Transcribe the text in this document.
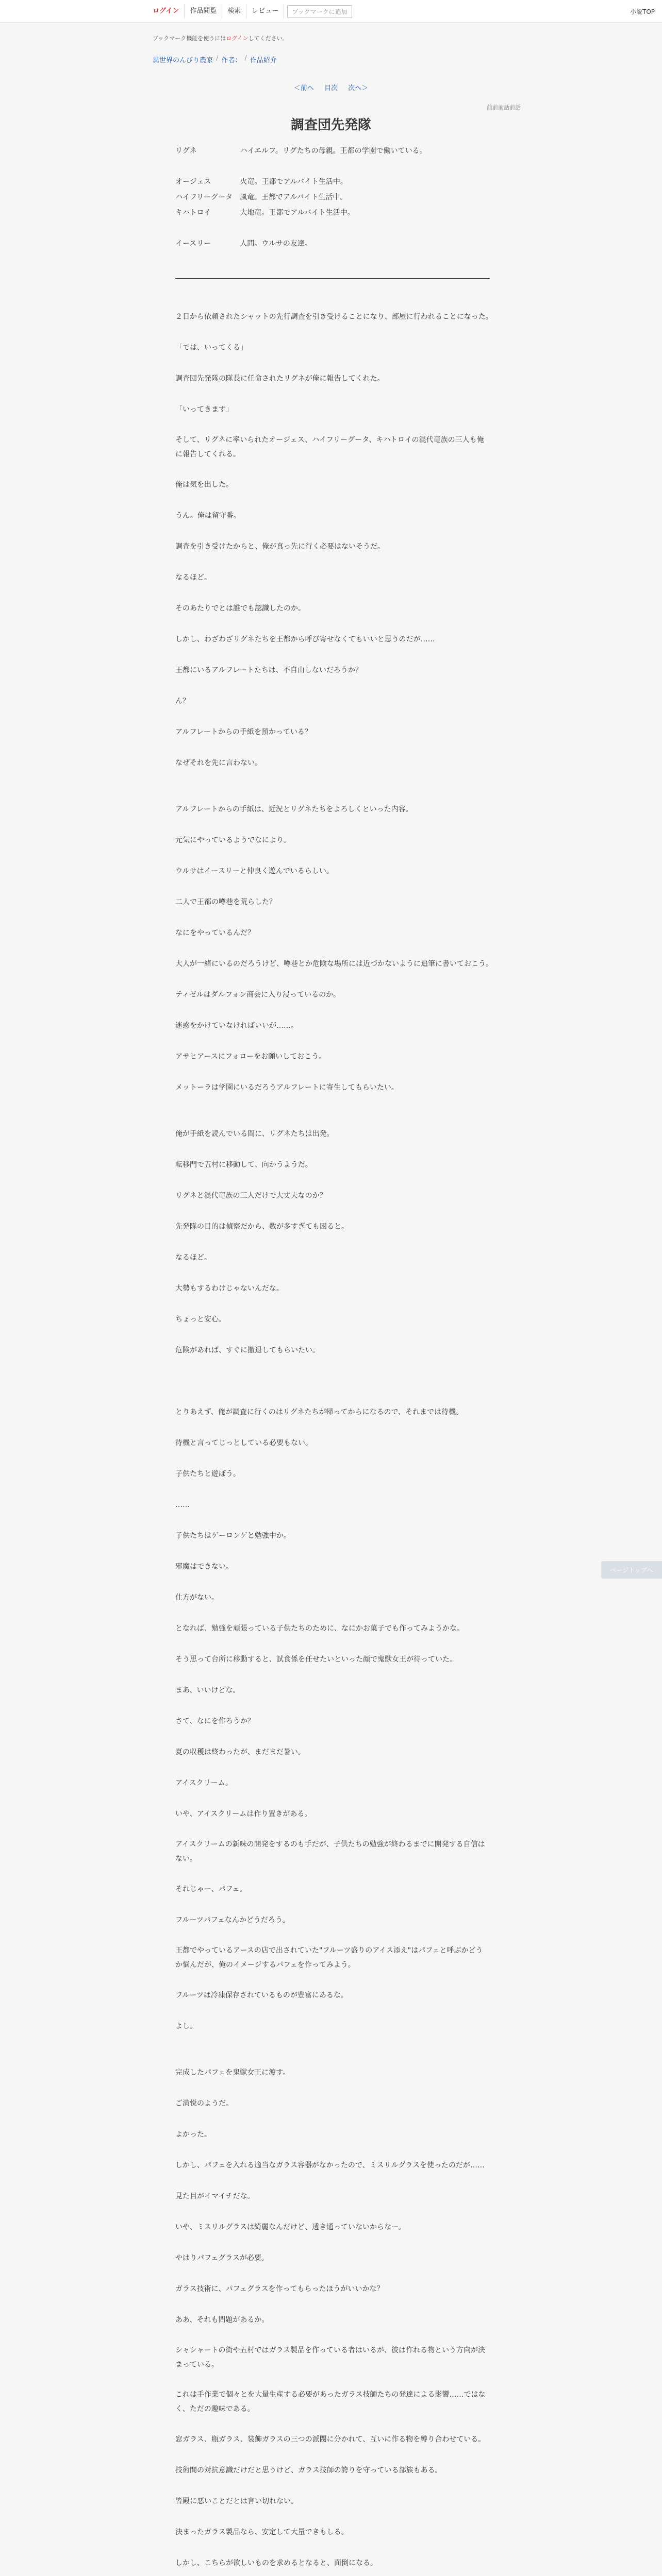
ログイン	作品閲覧	検索	レビュー	ブックマークに追加	小説TOP
ブックマーク機能を使うにはログインしてください。
異世界のんびり農家 / 作者： / 作品紹介
＜前へ 目次 次へ＞
前前前話前話
調査団先発隊
リグネ　　　　　　ハイエルフ。リグたちの母親。王都の学園で働いている。
オージェス　　　　火竜。王都でアルバイト生活中。
ハイフリーグータ　風竜。王都でアルバイト生活中。
キハトロイ　　　　大地竜。王都でアルバイト生活中。
イースリー　　　　人間。ウルサの友達。
２日から依頼されたシャットの先行調査を引き受けることになり、部屋に行われることになった。
「では、いってくる」
調査団先発隊の隊長に任命されたリグネが俺に報告してくれた。
「いってきます」
そして、リグネに率いられたオージェス、ハイフリーグータ、キハトロイの混代竜族の三人も俺に報告してくれる。
俺は気を出した。
うん。俺は留守番。
調査を引き受けたからと、俺が真っ先に行く必要はないそうだ。
なるほど。
そのあたりでとは誰でも認識したのか。
しかし、わざわざリグネたちを王都から呼び寄せなくてもいいと思うのだが……
王都にいるアルフレートたちは、不自由しないだろうか？
ん？
アルフレートからの手紙を預かっている？
なぜそれを先に言わない。
アルフレートからの手紙は、近況とリグネたちをよろしくといった内容。
元気にやっているようでなにより。
ウルサはイースリーと仲良く遊んでいるらしい。
二人で王都の噂巷を荒らした？
なにをやっているんだ？
大人が一緒にいるのだろうけど、噂巷とか危険な場所には近づかないように追筆に書いておこう。
ティゼルはダルフォン商会に入り浸っているのか。
迷惑をかけていなければいいが……。
アサヒアースにフォローをお願いしておこう。
メットーラは学園にいるだろうアルフレートに寄生してもらいたい。
俺が手紙を読んでいる間に、リグネたちは出発。
転移門で五村に移動して、向かうようだ。
リグネと混代竜族の三人だけで大丈夫なのか？
先発隊の目的は偵察だから、数が多すぎても困ると。
なるほど。
大勢もするわけじゃないんだな。
ちょっと安心。
危険があれば、すぐに撤退してもらいたい。
とりあえず、俺が調査に行くのはリグネたちが帰ってからになるので、それまでは待機。
待機と言ってじっとしている必要もない。
子供たちと遊ぼう。
……
子供たちはゲーロンゲと勉強中か。
邪魔はできない。
仕方がない。
となれば、勉強を頑張っている子供たちのために、なにかお菓子でも作ってみようかな。
そう思って台所に移動すると、試食係を任せたいといった顔で鬼獣女王が待っていた。
まあ、いいけどな。
さて、なにを作ろうか？
夏の収穫は終わったが、まだまだ暑い。
アイスクリーム。
いや、アイスクリームは作り置きがある。
アイスクリームの新味の開発をするのも手だが、子供たちの勉強が終わるまでに開発する自信はない。
それじゃー、パフェ。
フルーツパフェなんかどうだろう。
王都でやっているアースの店で出されていた"フルーツ盛りのアイス添え"はパフェと呼ぶかどうか悩んだが、俺のイメージするパフェを作ってみよう。
フルーツは冷凍保存されているものが豊富にあるな。
よし。
完成したパフェを鬼獣女王に渡す。
ご満悦のようだ。
よかった。
しかし、パフェを入れる適当なガラス容器がなかったので、ミスリルグラスを使ったのだが……
見た目がイマイチだな。
いや、ミスリルグラスは綺麗なんだけど、透き通っていないからなー。
やはりパフェグラスが必要。
ガラス技術に、パフェグラスを作ってもらったほうがいいかな？
ああ、それも問題があるか。
シャシャートの街や五村ではガラス製品を作っている者はいるが、彼は作れる物という方向が決まっている。
これは手作業で個々とを大量生産する必要があったガラス技師たちの発達による影響……ではなく、ただの趣味である。
窓ガラス、瓶ガラス、装飾ガラスの三つの派閥に分かれて、互いに作る物を縛り合わせている。
技術間の対抗意識だけだと思うけど、ガラス技師の誇りを守っている部族もある。
皆殿に悪いことだとは言い切れない。
決まったガラス製品なら、安定して大量できもしる。
しかし、こちらが欲しいものを求めるとなると、面倒になる。
ページトップへ
